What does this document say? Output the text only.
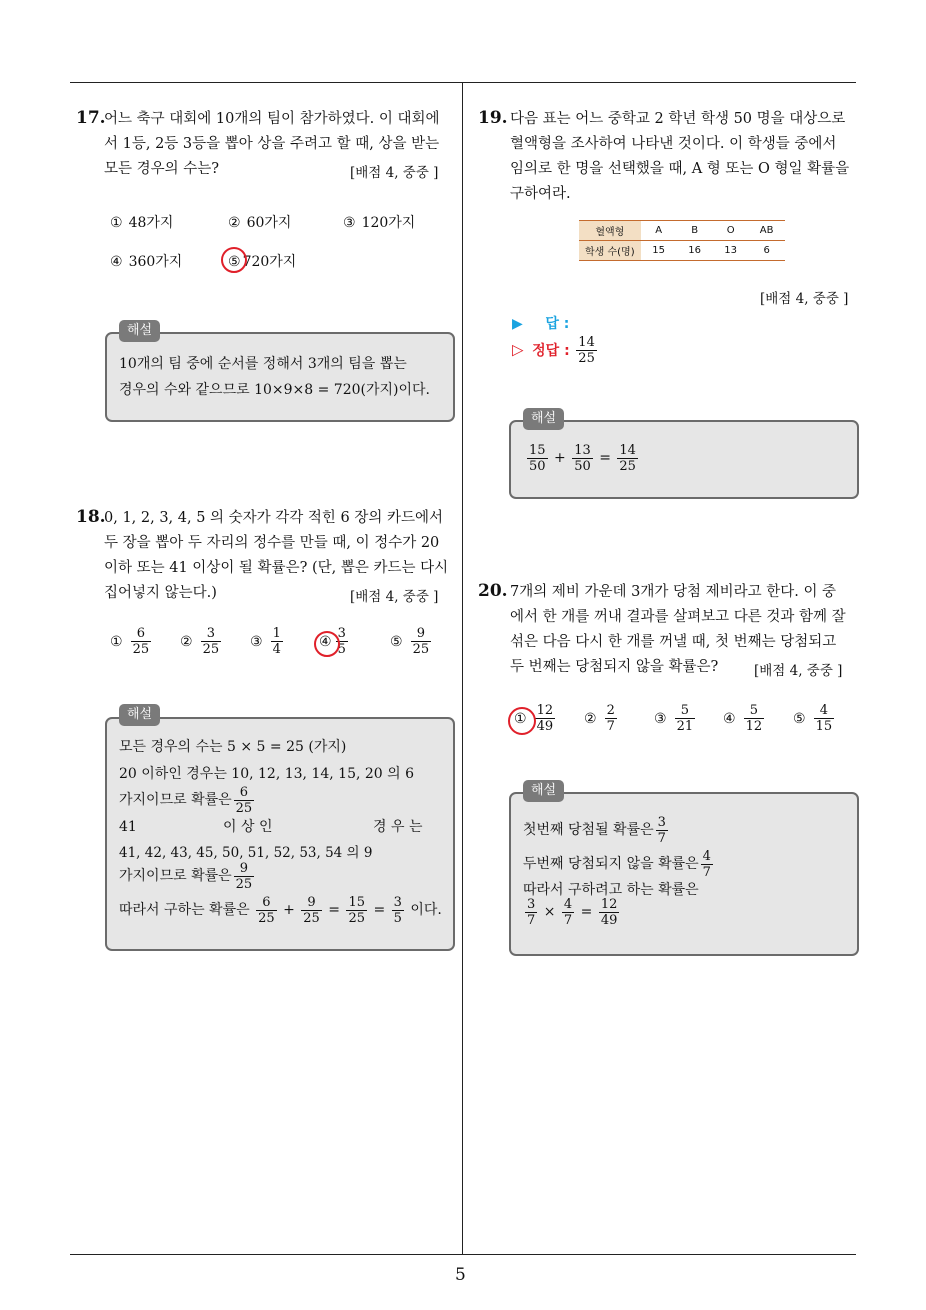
5
17.
어느 축구 대회에 10개의 팀이 참가하였다. 이 대회에
서 1등, 2등 3등을 뽑아 상을 주려고 할 때, 상을 받는
모든 경우의 수는?	[배점 4, 중중 ]
① 48가지	② 60가지	③ 120가지
④ 360가지	⑤ 720가지
10개의 팀 중에 순서를 정해서 3개의 팀을 뽑는
경우의 수와 같으므로 10×9×8 = 720(가지)이다.
해설
18.
0, 1, 2, 3, 4, 5 의 숫자가 각각 적힌 6 장의 카드에서
두 장을 뽑아 두 자리의 정수를 만들 때, 이 정수가 20
이하 또는 41 이상이 될 확률은? (단, 뽑은 카드는 다시
집어넣지 않는다.)	[배점 4, 중중 ]
① $\frac{6}{25}$ ② $\frac{3}{25}$ ③ $\frac{1}{4}$	④ $\frac{3}{5}$	⑤ $\frac{9}{25}$
모든 경우의 수는 5 × 5 = 25 (가지)
20 이하인 경우는 10, 12, 13, 14, 15, 20 의 6
가지이므로 확률은 $\frac{6}{25}$
41	이 상 인	경 우 는
41, 42, 43, 45, 50, 51, 52, 53, 54 의 9
가지이므로 확률은 $\frac{9}{25}$
따라서 구하는 확률은 $\frac{6}{25} + \frac{9}{25} = \frac{15}{25} = \frac{3}{5}$ 이다.
해설
19. 다음 표는 어느 중학교 2 학년 학생 50 명을 대상으로
혈액형을 조사하여 나타낸 것이다. 이 학생들 중에서
임의로 한 명을 선택했을 때, A 형 또는 O 형일 확률을
구하여라.
혈액형	A	B	O	AB
학생 수(명)	15	16	13	6
[배점 4, 중중 ]
▶ 답 :
▷ 정답 : $\frac{14}{25}$
$\frac{15}{50} + \frac{13}{50} = \frac{14}{25}$
해설
20. 7개의 제비 가운데 3개가 당첨 제비라고 한다. 이 중
에서 한 개를 꺼내 결과를 살펴보고 다른 것과 함께 잘
섞은 다음 다시 한 개를 꺼낼 때, 첫 번째는 당첨되고
두 번째는 당첨되지 않을 확률은?	[배점 4, 중중 ]
① $\frac{12}{49}$ ② $\frac{2}{7}$	③ $\frac{5}{21}$ ④ $\frac{5}{12}$ ⑤ $\frac{4}{15}$
첫번째 당첨될 확률은 $\frac{3}{7}$
두번째 당첨되지 않을 확률은 $\frac{4}{7}$
따라서 구하려고 하는 확률은
$\frac{3}{7} \times \frac{4}{7} = \frac{12}{49}$
해설
